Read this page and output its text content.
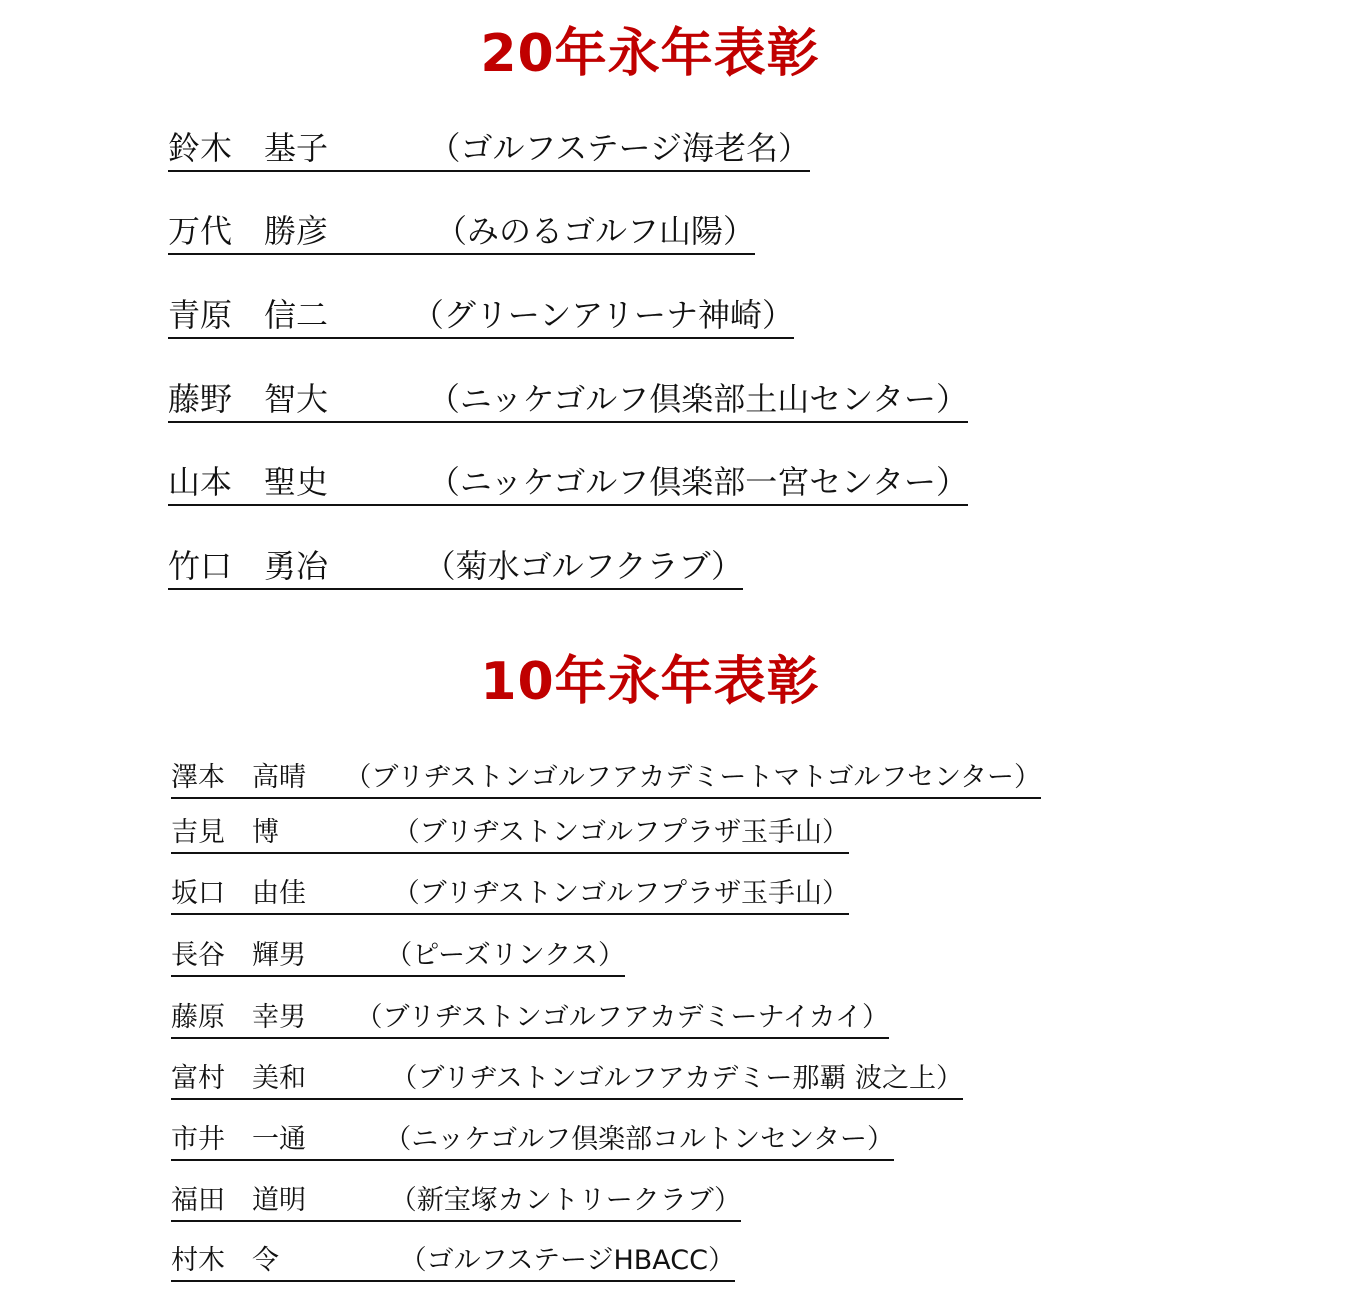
20年永年表彰
鈴木　基子	（ゴルフステージ海老名）
万代　勝彦	（みのるゴルフ山陽）
青原　信二	（グリーンアリーナ神崎）
藤野　智大	（ニッケゴルフ倶楽部土山センター）
山本　聖史	（ニッケゴルフ倶楽部一宮センター）
竹口　勇冶	（菊水ゴルフクラブ）
10年永年表彰
澤本　高晴	（ブリヂストンゴルフアカデミートマトゴルフセンター）
吉見　博	（ブリヂストンゴルフプラザ玉手山）
坂口　由佳	（ブリヂストンゴルフプラザ玉手山）
長谷　輝男	（ピーズリンクス）
藤原　幸男	（ブリヂストンゴルフアカデミーナイカイ）
富村　美和	（ブリヂストンゴルフアカデミー那覇 波之上）
市井　一通	（ニッケゴルフ倶楽部コルトンセンター）
福田　道明	（新宝塚カントリークラブ）
村木　令	（ゴルフステージHBACC）
